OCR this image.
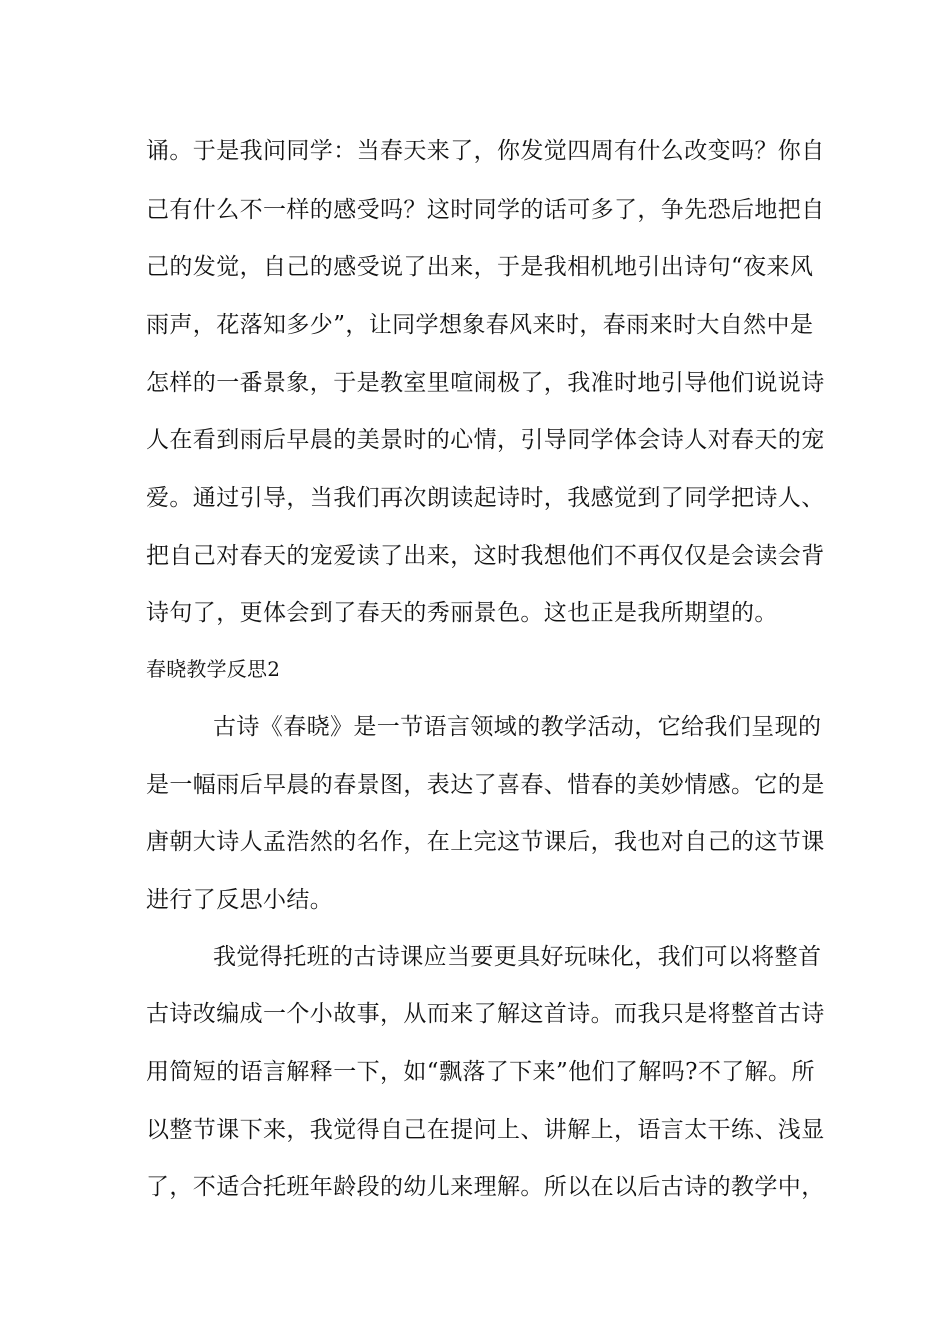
诵。于是我问同学：当春天来了，你发觉四周有什么改变吗？你自
己有什么不一样的感受吗？这时同学的话可多了，争先恐后地把自
己的发觉，自己的感受说了出来，于是我相机地引出诗句“夜来风
雨声，花落知多少”，让同学想象春风来时，春雨来时大自然中是
怎样的一番景象，于是教室里喧闹极了，我准时地引导他们说说诗
人在看到雨后早晨的美景时的心情，引导同学体会诗人对春天的宠
爱。通过引导，当我们再次朗读起诗时，我感觉到了同学把诗人、
把自己对春天的宠爱读了出来，这时我想他们不再仅仅是会读会背
诗句了，更体会到了春天的秀丽景色。这也正是我所期望的。
春晓教学反思2
古诗《春晓》是一节语言领域的教学活动，它给我们呈现的
是一幅雨后早晨的春景图，表达了喜春、惜春的美妙情感。它的是
唐朝大诗人孟浩然的名作，在上完这节课后，我也对自己的这节课
进行了反思小结。
我觉得托班的古诗课应当要更具好玩味化，我们可以将整首
古诗改编成一个小故事，从而来了解这首诗。而我只是将整首古诗
用简短的语言解释一下，如“飘落了下来”他们了解吗?不了解。所
以整节课下来，我觉得自己在提问上、讲解上，语言太干练、浅显
了，不适合托班年龄段的幼儿来理解。所以在以后古诗的教学中，
